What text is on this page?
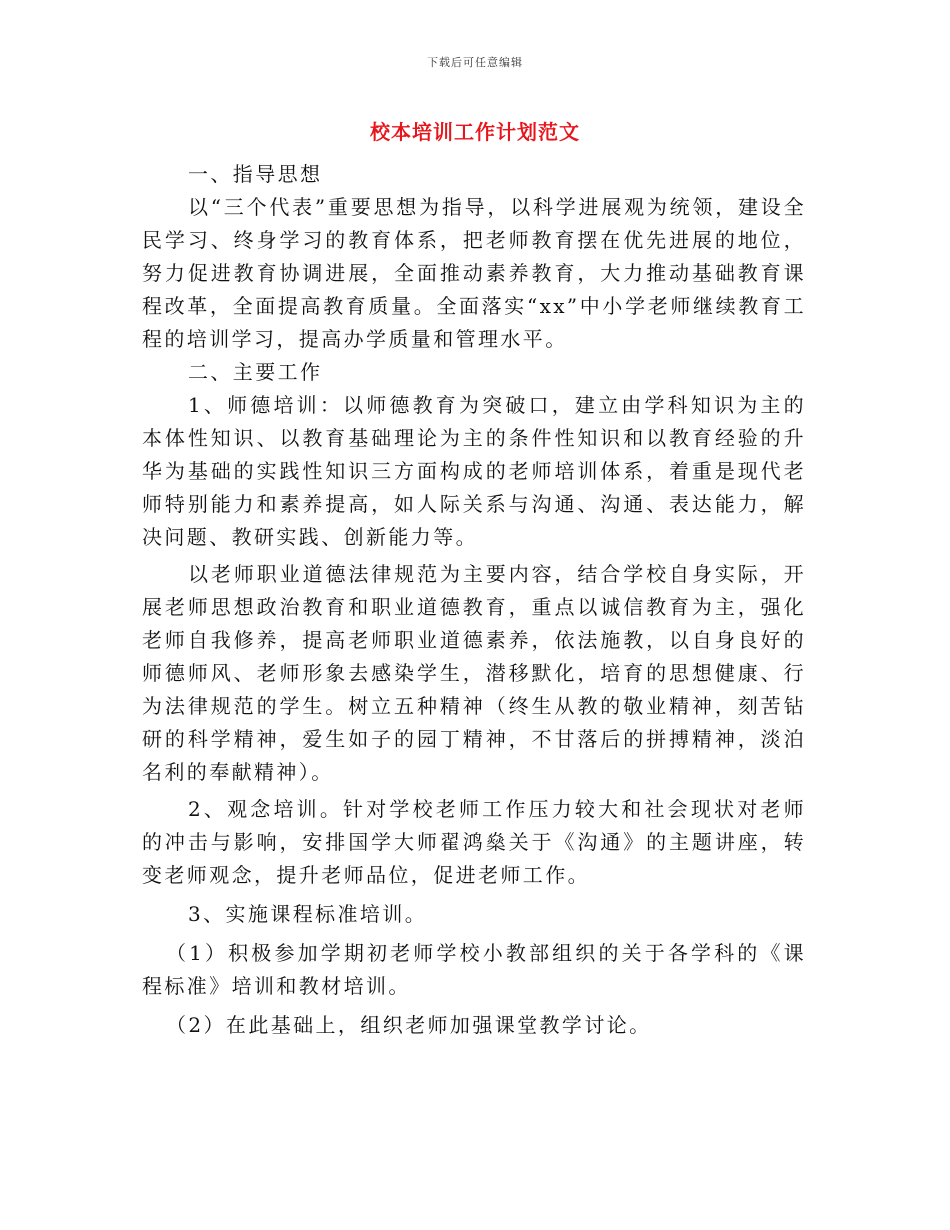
下载后可任意编辑
校本培训工作计划范文

一、指导思想

以“三个代表”重要思想为指导，以科学进展观为统领，建设全民学习、终身学习的教育体系，把老师教育摆在优先进展的地位，努力促进教育协调进展，全面推动素养教育，大力推动基础教育课程改革，全面提高教育质量。全面落实“xx”中小学老师继续教育工程的培训学习，提高办学质量和管理水平。

二、主要工作

1、师德培训：以师德教育为突破口，建立由学科知识为主的本体性知识、以教育基础理论为主的条件性知识和以教育经验的升华为基础的实践性知识三方面构成的老师培训体系，着重是现代老师特别能力和素养提高，如人际关系与沟通、沟通、表达能力，解决问题、教研实践、创新能力等。

以老师职业道德法律规范为主要内容，结合学校自身实际，开展老师思想政治教育和职业道德教育，重点以诚信教育为主，强化老师自我修养，提高老师职业道德素养，依法施教，以自身良好的师德师风、老师形象去感染学生，潜移默化，培育的思想健康、行为法律规范的学生。树立五种精神（终生从教的敬业精神，刻苦钻研的科学精神，爱生如子的园丁精神，不甘落后的拼搏精神，淡泊名利的奉献精神）。

2、观念培训。针对学校老师工作压力较大和社会现状对老师的冲击与影响，安排国学大师翟鸿燊关于《沟通》的主题讲座，转变老师观念，提升老师品位，促进老师工作。

3、实施课程标准培训。

（1）积极参加学期初老师学校小教部组织的关于各学科的《课程标准》培训和教材培训。

（2）在此基础上，组织老师加强课堂教学讨论。
